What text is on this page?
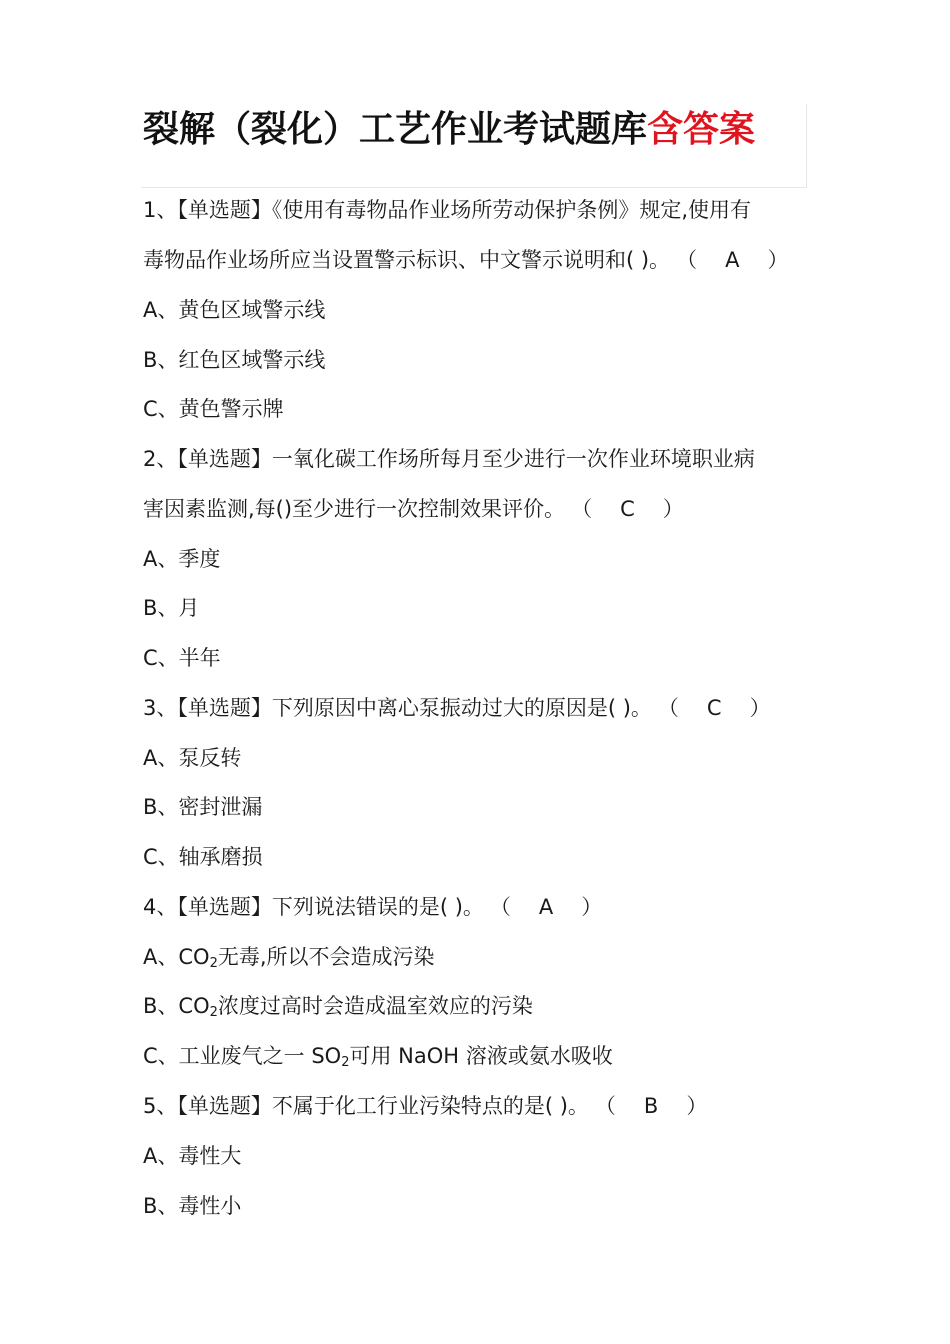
裂解（裂化）工艺作业考试题库含答案
1、【单选题】《使用有毒物品作业场所劳动保护条例》规定,使用有
毒物品作业场所应当设置警示标识、中文警示说明和( )。 （ A ）
A、黄色区域警示线
B、红色区域警示线
C、黄色警示牌
2、【单选题】一氧化碳工作场所每月至少进行一次作业环境职业病
害因素监测,每()至少进行一次控制效果评价。 （ C ）
A、季度
B、月
C、半年
3、【单选题】下列原因中离心泵振动过大的原因是( )。 （ C ）
A、泵反转
B、密封泄漏
C、轴承磨损
4、【单选题】下列说法错误的是( )。 （ A ）
A、$CO_2$无毒,所以不会造成污染
B、$CO_2$浓度过高时会造成温室效应的污染
C、工业废气之一 $SO_2$可用 NaOH 溶液或氨水吸收
5、【单选题】不属于化工行业污染特点的是( )。 （ B ）
A、毒性大
B、毒性小
